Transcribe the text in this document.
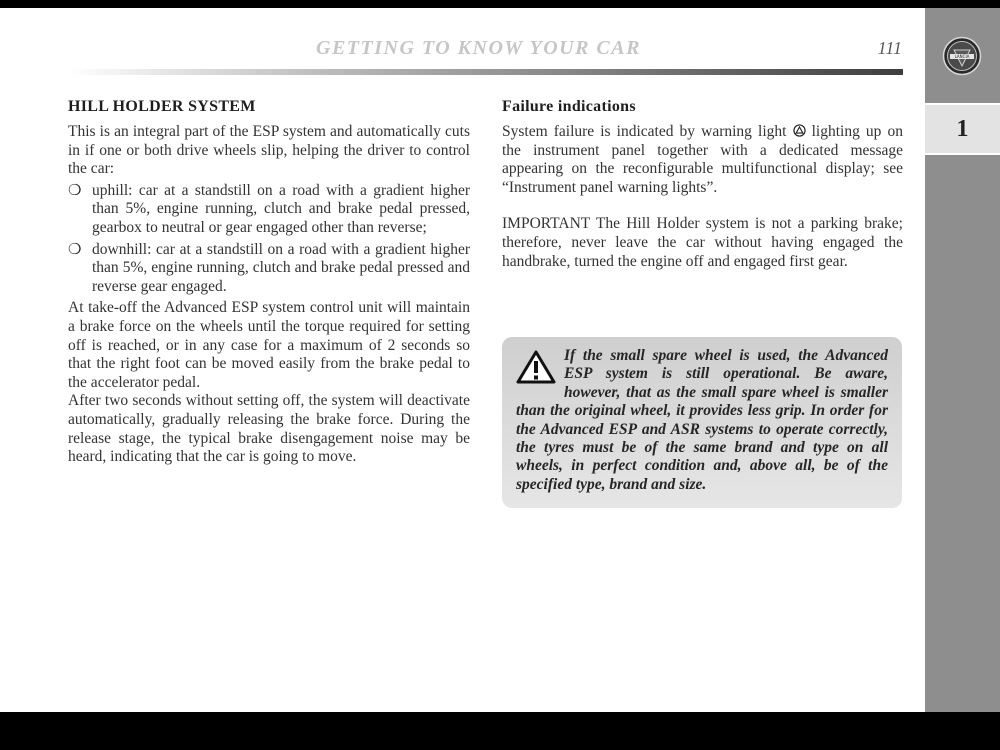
GETTING TO KNOW YOUR CAR	111
HILL HOLDER SYSTEM

This is an integral part of the ESP system and automatically cuts in if one or both drive wheels slip, helping the driver to control the car:

❍ uphill: car at a standstill on a road with a gradient higher than 5%, engine running, clutch and brake pedal pressed, gearbox to neutral or gear engaged other than reverse;
❍ downhill: car at a standstill on a road with a gradient higher than 5%, engine running, clutch and brake pedal pressed and reverse gear engaged.

At take-off the Advanced ESP system control unit will maintain a brake force on the wheels until the torque required for setting off is reached, or in any case for a maximum of 2 seconds so that the right foot can be moved easily from the brake pedal to the accelerator pedal.

After two seconds without setting off, the system will deactivate automatically, gradually releasing the brake force. During the release stage, the typical brake disengagement noise may be heard, indicating that the car is going to move.

Failure indications

System failure is indicated by warning light lighting up on the instrument panel together with a dedicated message appearing on the reconfigurable multifunctional display; see “Instrument panel warning lights”.

IMPORTANT The Hill Holder system is not a parking brake; therefore, never leave the car without having engaged the handbrake, turned the engine off and engaged first gear.

If the small spare wheel is used, the Advanced ESP system is still operational. Be aware, however, that as the small spare wheel is smaller than the original wheel, it provides less grip. In order for the Advanced ESP and ASR systems to operate correctly, the tyres must be of the same brand and type on all wheels, in perfect condition and, above all, be of the specified type, brand and size.

LANCIA
1
